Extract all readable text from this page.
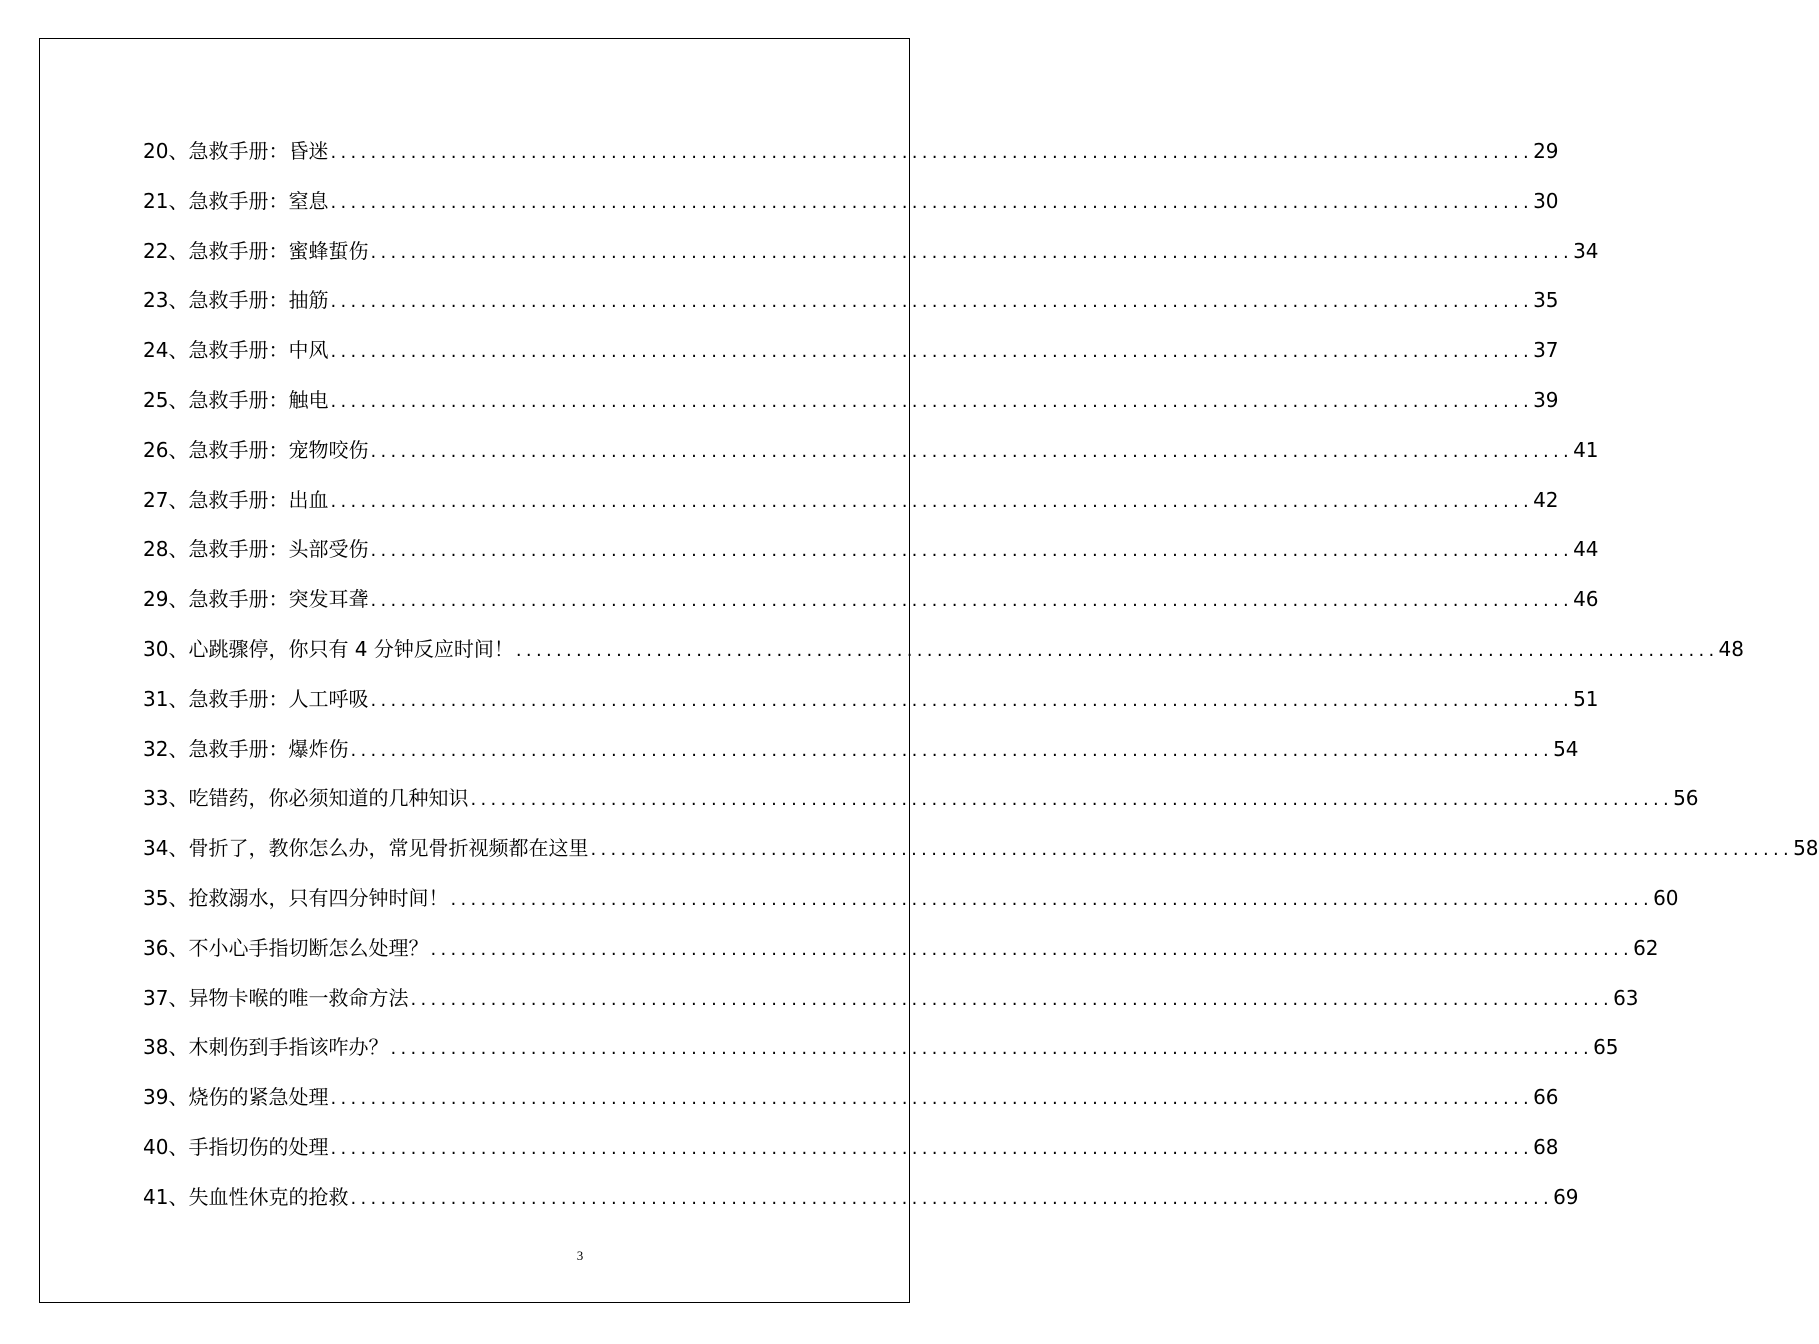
20、 急救手册：昏迷 ........................................................................................................................ 29
21、 急救手册：窒息 ........................................................................................................................ 30
22、 急救手册：蜜蜂蜇伤 ........................................................................................................................ 34
23、 急救手册：抽筋 ........................................................................................................................ 35
24、 急救手册：中风 ........................................................................................................................ 37
25、 急救手册：触电 ........................................................................................................................ 39
26、 急救手册：宠物咬伤 ........................................................................................................................ 41
27、 急救手册：出血 ........................................................................................................................ 42
28、 急救手册：头部受伤 ........................................................................................................................ 44
29、 急救手册：突发耳聋 ........................................................................................................................ 46
30、 心跳骤停，你只有 4 分钟反应时间！ ........................................................................................................................ 48
31、 急救手册：人工呼吸 ........................................................................................................................ 51
32、 急救手册：爆炸伤 ........................................................................................................................ 54
33、 吃错药，你必须知道的几种知识 ........................................................................................................................ 56
34、 骨折了，教你怎么办，常见骨折视频都在这里 ........................................................................................................................ 58
35、 抢救溺水，只有四分钟时间！ ........................................................................................................................ 60
36、 不小心手指切断怎么处理？ ........................................................................................................................ 62
37、 异物卡喉的唯一救命方法 ........................................................................................................................ 63
38、 木刺伤到手指该咋办？ ........................................................................................................................ 65
39、 烧伤的紧急处理 ........................................................................................................................ 66
40、 手指切伤的处理 ........................................................................................................................ 68
41、 失血性休克的抢救 ........................................................................................................................ 69
3
